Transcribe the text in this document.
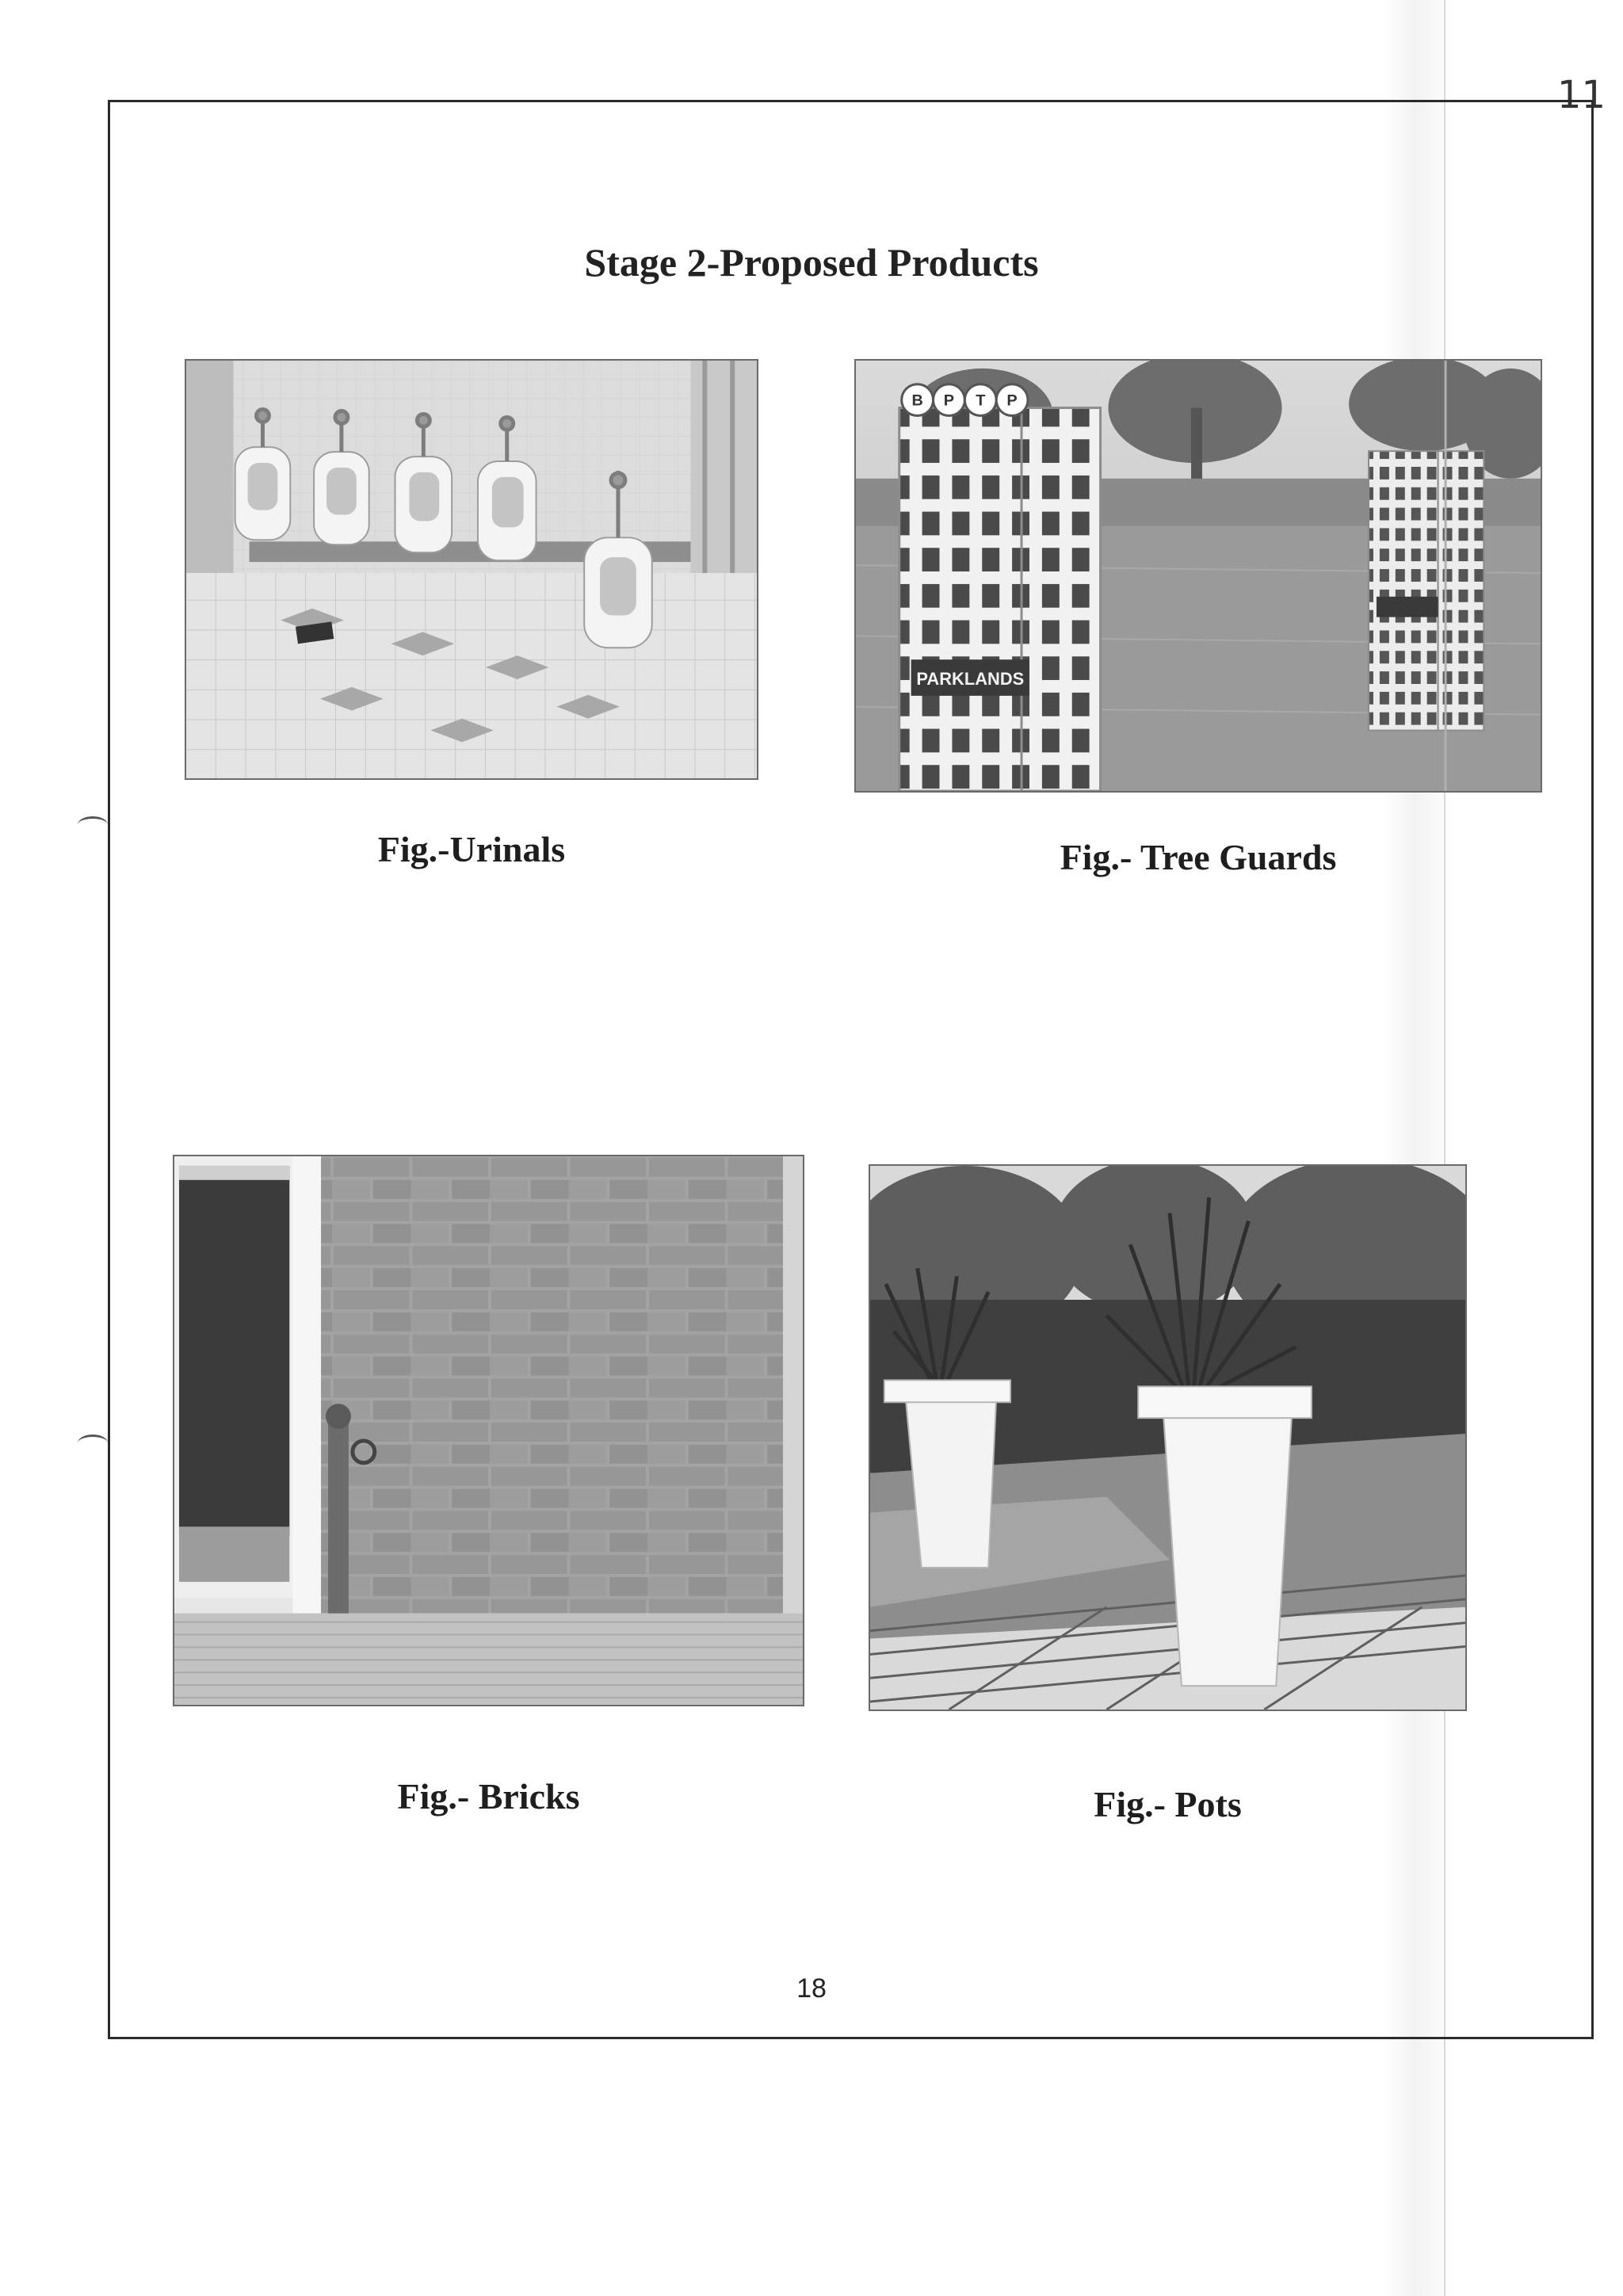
11
Stage 2-Proposed Products
Fig.-Urinals
B P T P
PARKLANDS
Fig.- Tree Guards
Fig.- Bricks	Fig.- Pots
18
